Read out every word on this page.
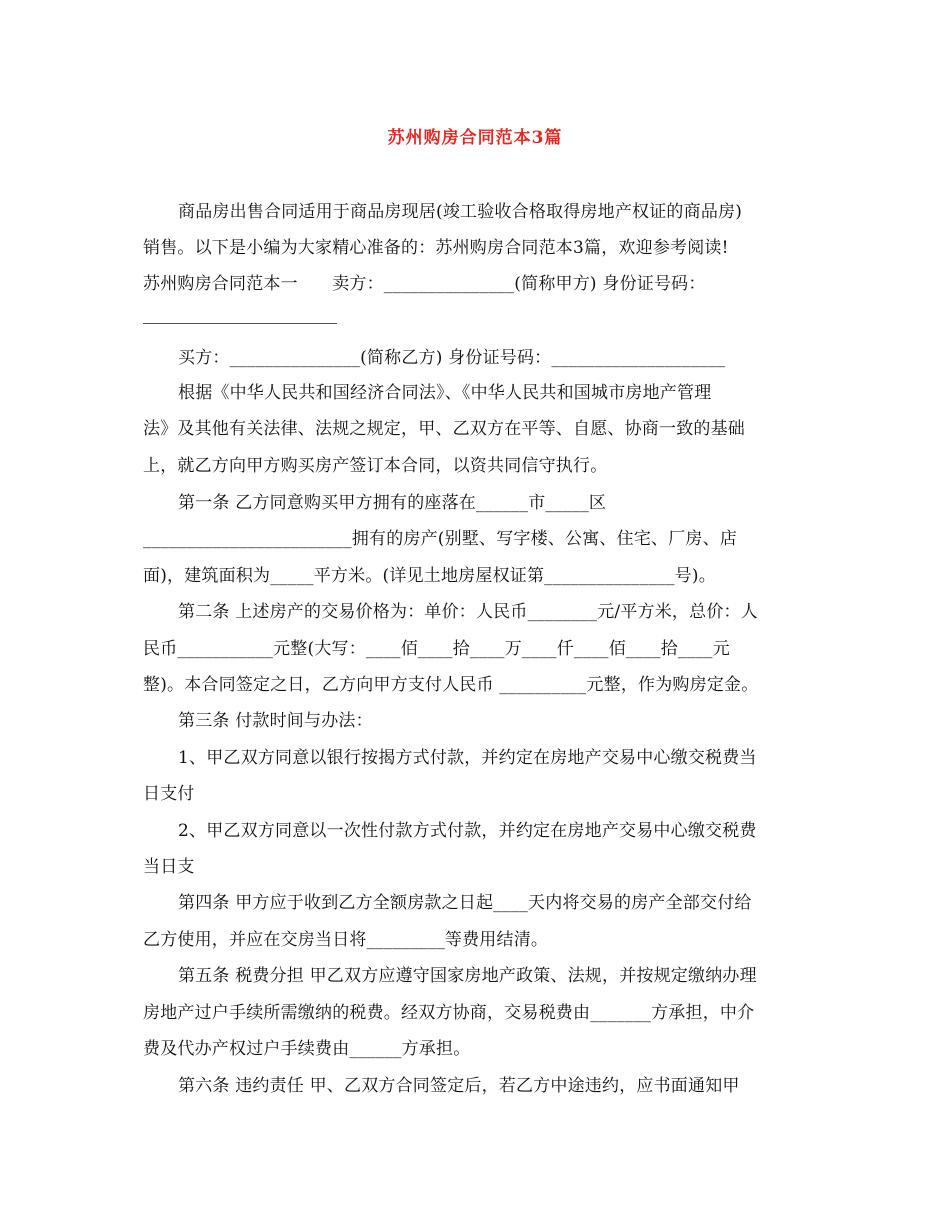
苏州购房合同范本3篇
商品房出售合同适用于商品房现居(竣工验收合格取得房地产权证的商品房)
销售。以下是小编为大家精心准备的：苏州购房合同范本3篇，欢迎参考阅读!
苏州购房合同范本一　　卖方：_______________(简称甲方) 身份证号码：
买方：_______________(简称乙方) 身份证号码：____________________
根据《中华人民共和国经济合同法》、《中华人民共和国城市房地产管理
法》及其他有关法律、法规之规定，甲、乙双方在平等、自愿、协商一致的基础
上，就乙方向甲方购买房产签订本合同，以资共同信守执行。
第一条 乙方同意购买甲方拥有的座落在______市_____区
________________________拥有的房产(别墅、写字楼、公寓、住宅、厂房、店
面)，建筑面积为_____平方米。(详见土地房屋权证第_______________号)。
第二条 上述房产的交易价格为：单价：人民币________元/平方米，总价：人
民币___________元整(大写：____佰____拾____万____仟____佰____拾____元
整)。本合同签定之日，乙方向甲方支付人民币 __________元整，作为购房定金。
第三条 付款时间与办法：
1、甲乙双方同意以银行按揭方式付款，并约定在房地产交易中心缴交税费当
日支付
2、甲乙双方同意以一次性付款方式付款，并约定在房地产交易中心缴交税费
当日支
第四条 甲方应于收到乙方全额房款之日起____天内将交易的房产全部交付给
乙方使用，并应在交房当日将_________等费用结清。
第五条 税费分担 甲乙双方应遵守国家房地产政策、法规，并按规定缴纳办理
房地产过户手续所需缴纳的税费。经双方协商，交易税费由_______方承担，中介
费及代办产权过户手续费由______方承担。
第六条 违约责任 甲、乙双方合同签定后，若乙方中途违约，应书面通知甲
